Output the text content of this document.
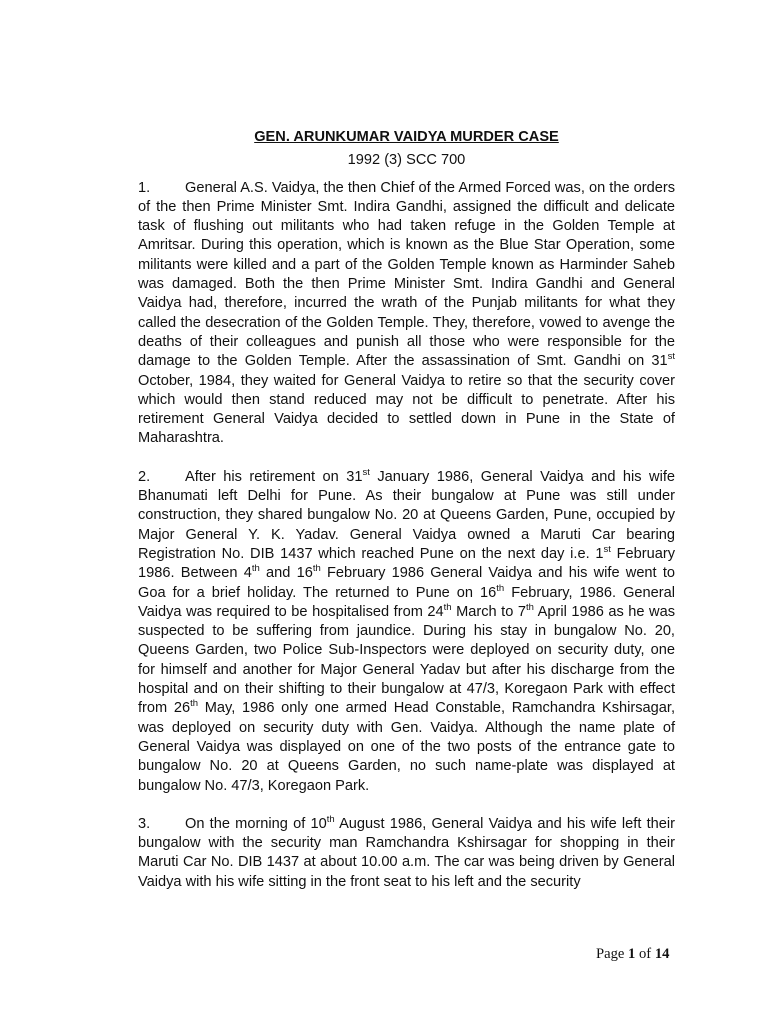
GEN. ARUNKUMAR VAIDYA MURDER CASE
1992 (3) SCC 700

1. General A.S. Vaidya, the then Chief of the Armed Forced was, on the orders of the then Prime Minister Smt. Indira Gandhi, assigned the difficult and delicate task of flushing out militants who had taken refuge in the Golden Temple at Amritsar. During this operation, which is known as the Blue Star Operation, some militants were killed and a part of the Golden Temple known as Harminder Saheb was damaged. Both the then Prime Minister Smt. Indira Gandhi and General Vaidya had, therefore, incurred the wrath of the Punjab militants for what they called the desecration of the Golden Temple. They, therefore, vowed to avenge the deaths of their colleagues and punish all those who were responsible for the damage to the Golden Temple. After the assassination of Smt. Gandhi on 31st October, 1984, they waited for General Vaidya to retire so that the security cover which would then stand reduced may not be difficult to penetrate. After his retirement General Vaidya decided to settled down in Pune in the State of Maharashtra.

2. After his retirement on 31st January 1986, General Vaidya and his wife Bhanumati left Delhi for Pune. As their bungalow at Pune was still under construction, they shared bungalow No. 20 at Queens Garden, Pune, occupied by Major General Y. K. Yadav. General Vaidya owned a Maruti Car bearing Registration No. DIB 1437 which reached Pune on the next day i.e. 1st February 1986. Between 4th and 16th February 1986 General Vaidya and his wife went to Goa for a brief holiday. The returned to Pune on 16th February, 1986. General Vaidya was required to be hospitalised from 24th March to 7th April 1986 as he was suspected to be suffering from jaundice. During his stay in bungalow No. 20, Queens Garden, two Police Sub-Inspectors were deployed on security duty, one for himself and another for Major General Yadav but after his discharge from the hospital and on their shifting to their bungalow at 47/3, Koregaon Park with effect from 26th May, 1986 only one armed Head Constable, Ramchandra Kshirsagar, was deployed on security duty with Gen. Vaidya. Although the name plate of General Vaidya was displayed on one of the two posts of the entrance gate to bungalow No. 20 at Queens Garden, no such name-plate was displayed at bungalow No. 47/3, Koregaon Park.

3. On the morning of 10th August 1986, General Vaidya and his wife left their bungalow with the security man Ramchandra Kshirsagar for shopping in their Maruti Car No. DIB 1437 at about 10.00 a.m. The car was being driven by General Vaidya with his wife sitting in the front seat to his left and the security

Page 1 of 14
